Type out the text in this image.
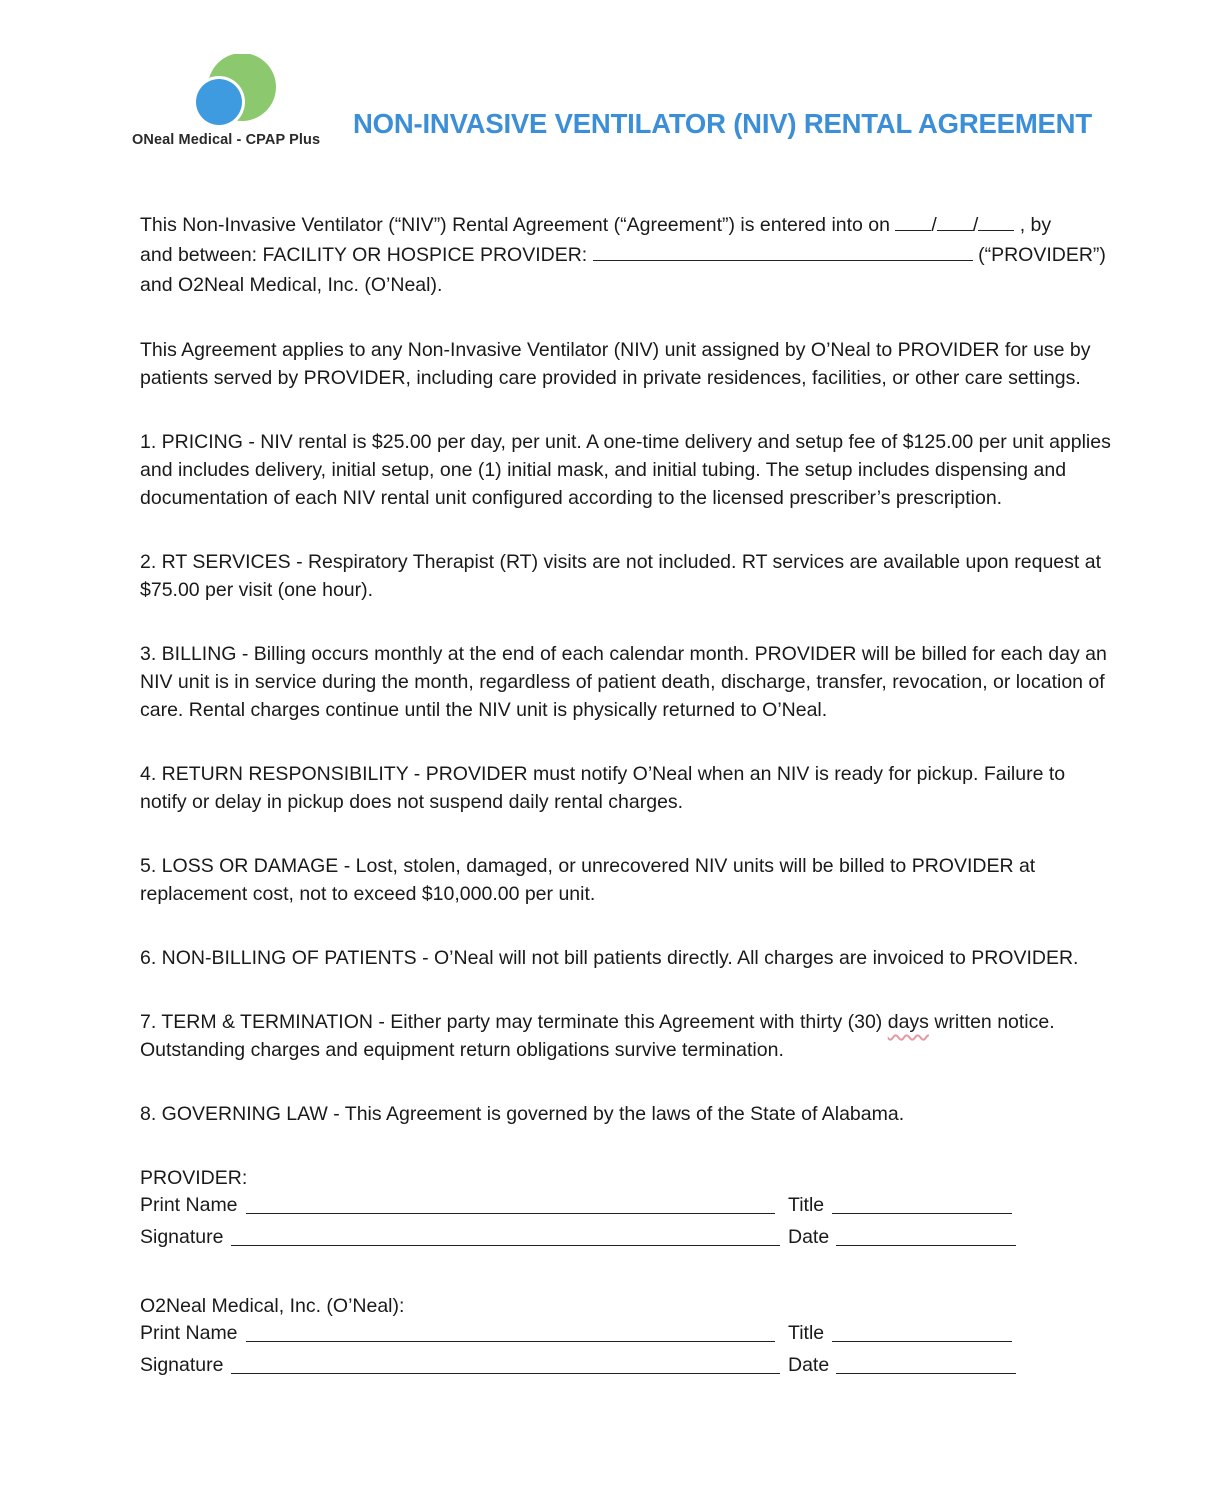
ONeal Medical - CPAP Plus
NON-INVASIVE VENTILATOR (NIV) RENTAL AGREEMENT

This Non-Invasive Ventilator (“NIV”) Rental Agreement (“Agreement”) is entered into on / / , by
and between: FACILITY OR HOSPICE PROVIDER:	(“PROVIDER”)
and O2Neal Medical, Inc. (O’Neal).

This Agreement applies to any Non-Invasive Ventilator (NIV) unit assigned by O’Neal to PROVIDER for use by patients served by PROVIDER, including care provided in private residences, facilities, or other care settings.

1. PRICING - NIV rental is $25.00 per day, per unit. A one-time delivery and setup fee of $125.00 per unit applies and includes delivery, initial setup, one (1) initial mask, and initial tubing. The setup includes dispensing and documentation of each NIV rental unit configured according to the licensed prescriber’s prescription.

2. RT SERVICES - Respiratory Therapist (RT) visits are not included. RT services are available upon request at $75.00 per visit (one hour).

3. BILLING - Billing occurs monthly at the end of each calendar month. PROVIDER will be billed for each day an NIV unit is in service during the month, regardless of patient death, discharge, transfer, revocation, or location of care. Rental charges continue until the NIV unit is physically returned to O’Neal.

4. RETURN RESPONSIBILITY - PROVIDER must notify O’Neal when an NIV is ready for pickup. Failure to notify or delay in pickup does not suspend daily rental charges.

5. LOSS OR DAMAGE - Lost, stolen, damaged, or unrecovered NIV units will be billed to PROVIDER at replacement cost, not to exceed $10,000.00 per unit.

6. NON-BILLING OF PATIENTS - O’Neal will not bill patients directly. All charges are invoiced to PROVIDER.

7. TERM & TERMINATION - Either party may terminate this Agreement with thirty (30) days written notice. Outstanding charges and equipment return obligations survive termination.

8. GOVERNING LAW - This Agreement is governed by the laws of the State of Alabama.

PROVIDER:
Print Name	Title
Signature	Date
O2Neal Medical, Inc. (O’Neal):
Print Name	Title
Signature	Date
